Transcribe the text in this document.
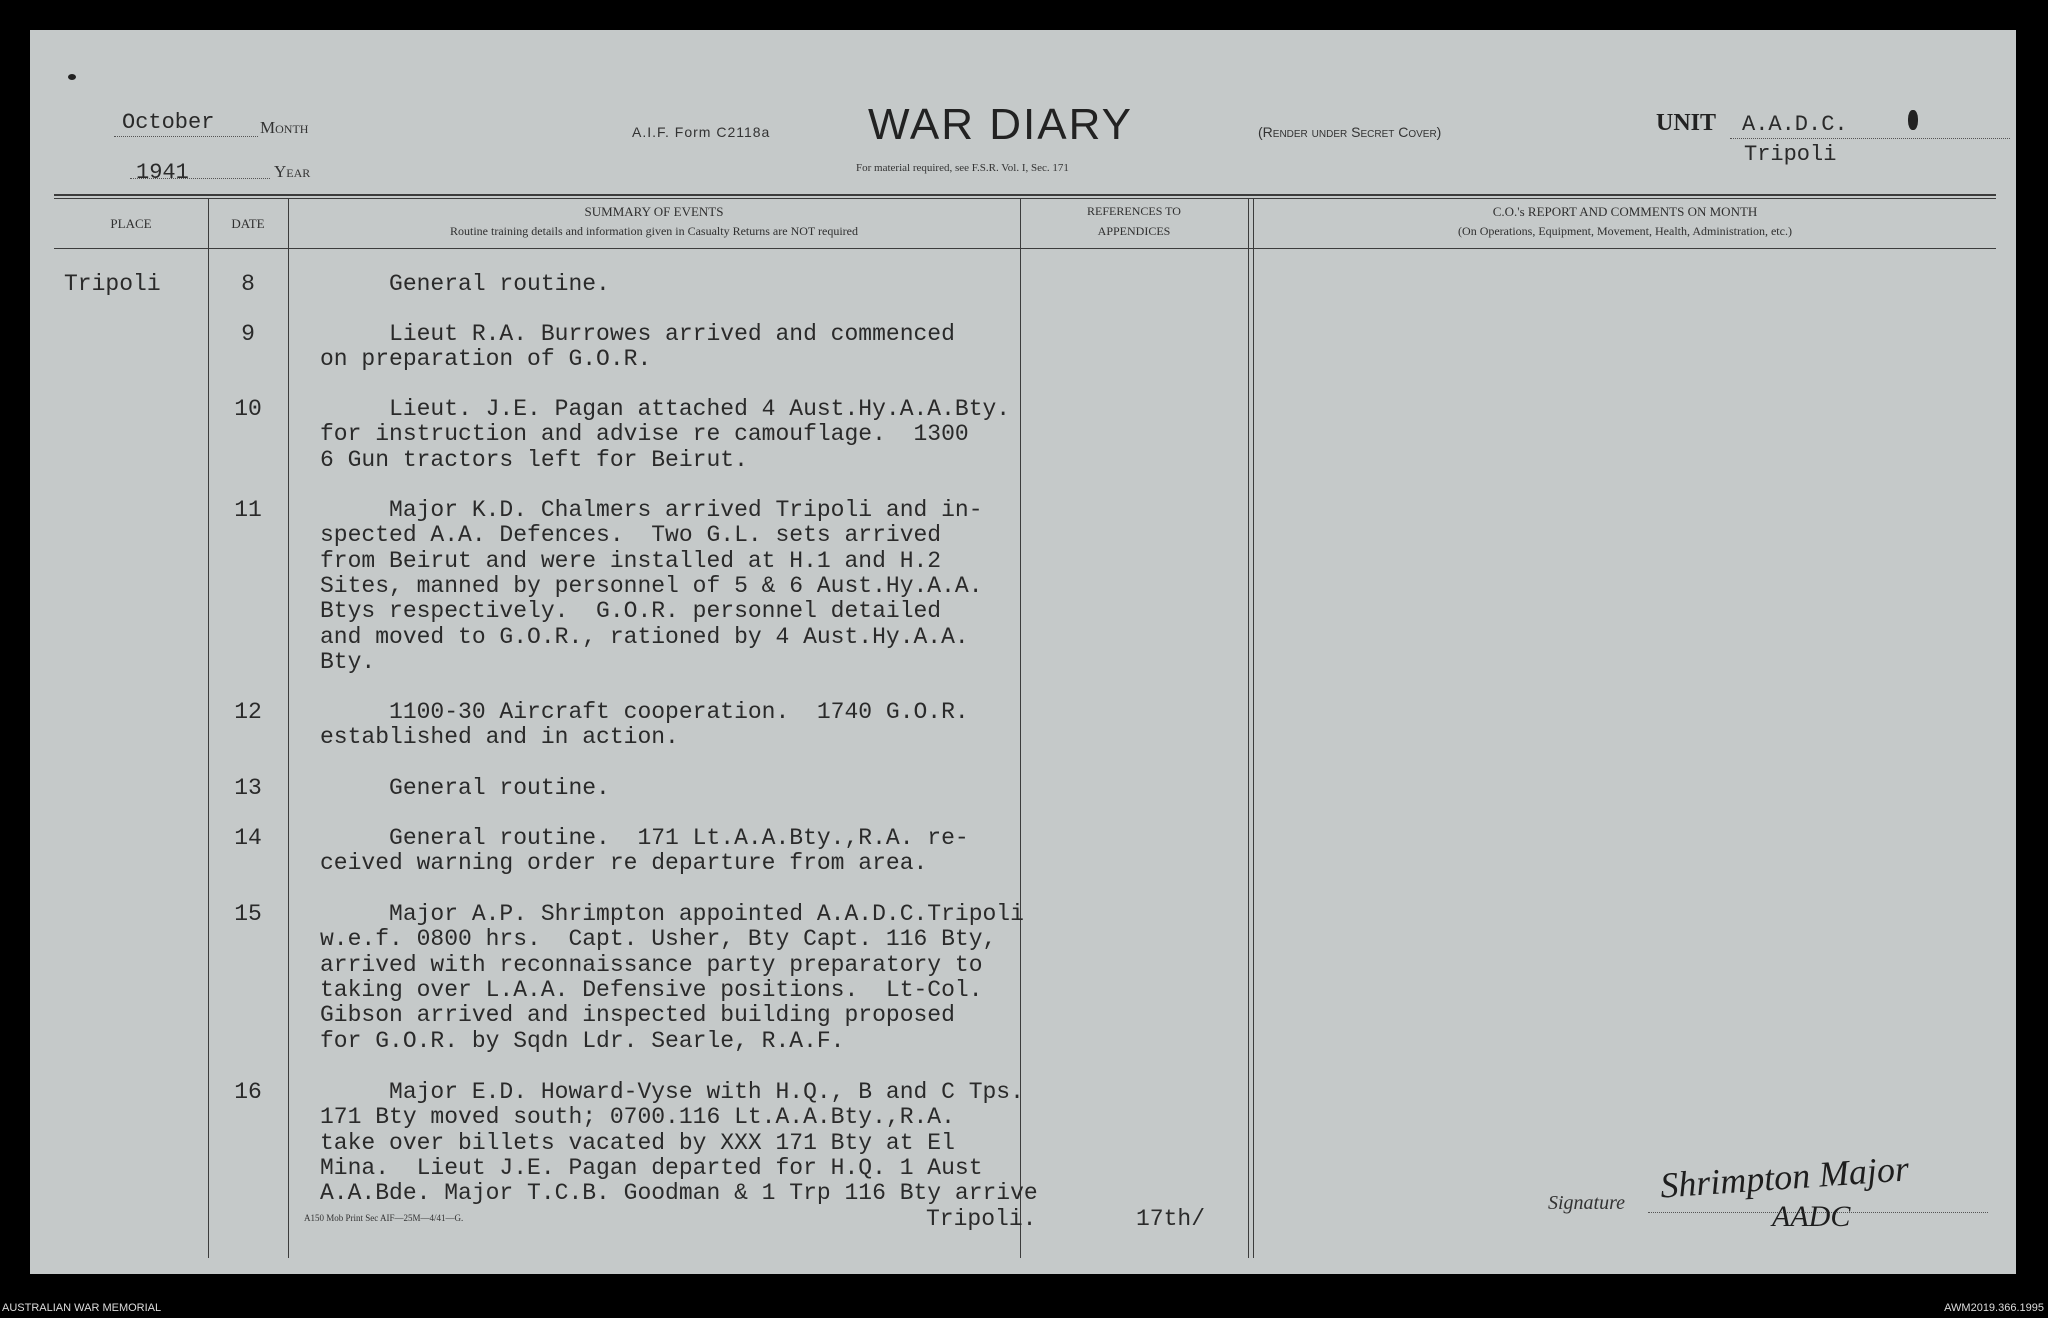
October	Month
1941	Year
A.I.F. Form C2118a WAR DIARY
For material required, see F.S.R. Vol. I, Sec. 171
(Render under Secret Cover)	UNIT A.A.D.C.
Tripoli
PLACE	DATE
SUMMARY OF EVENTS
Routine training details and information given in Casualty Returns are NOT required
REFERENCES TO
APPENDICES
C.O.'s REPORT AND COMMENTS ON MONTH
(On Operations, Equipment, Movement, Health, Administration, etc.)
Tripoli	8	General routine.
9	Lieut R.A. Burrowes arrived and commenced
on preparation of G.O.R.
10	Lieut. J.E. Pagan attached 4 Aust.Hy.A.A.Bty.
for instruction and advise re camouflage.  1300
6 Gun tractors left for Beirut.
11	Major K.D. Chalmers arrived Tripoli and in-
spected A.A. Defences.  Two G.L. sets arrived
from Beirut and were installed at H.1 and H.2
Sites, manned by personnel of 5 & 6 Aust.Hy.A.A.
Btys respectively.  G.O.R. personnel detailed
and moved to G.O.R., rationed by 4 Aust.Hy.A.A.
Bty.
12	1100-30 Aircraft cooperation.  1740 G.O.R.
established and in action.
13	General routine.
14	General routine.  171 Lt.A.A.Bty.,R.A. re-
ceived warning order re departure from area.
15	Major A.P. Shrimpton appointed A.A.D.C.Tripoli
w.e.f. 0800 hrs.  Capt. Usher, Bty Capt. 116 Bty,
arrived with reconnaissance party preparatory to
taking over L.A.A. Defensive positions.  Lt-Col.
Gibson arrived and inspected building proposed
for G.O.R. by Sqdn Ldr. Searle, R.A.F.
16	Major E.D. Howard-Vyse with H.Q., B and C Tps.
171 Bty moved south; 0700.116 Lt.A.A.Bty.,R.A.
take over billets vacated by XXX 171 Bty at El
Mina.  Lieut J.E. Pagan departed for H.Q. 1 Aust
A.A.Bde. Major T.C.B. Goodman & 1 Trp 116 Bty arrive
Tripoli.	17th/
A150 Mob Print Sec AIF—25M—4/41—G.
Signature Shrimpton Major
AADC
AUSTRALIAN WAR MEMORIAL	AWM2019.366.1995
